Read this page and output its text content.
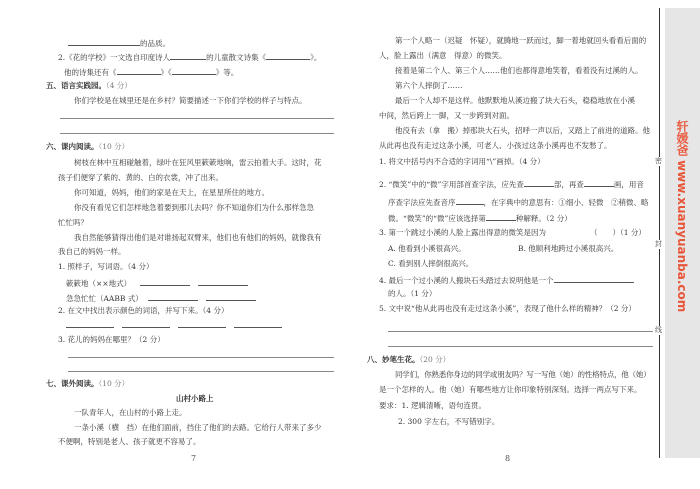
密
封
线
的品质。
2.《花的学校》一文选自印度诗人	的儿童散文诗集《	》。
他的诗集还有《	》《	》等。
五、语言实践园。（4 分）
你们学校是在城里还是在乡村？简要描述一下你们学校的样子与特点。
六、课内阅读。（10 分）
树枝在林中互相碰触着，绿叶在狂风里簌簌地响，雷云拍着大手。这时，花
孩子们便穿了紫的、黄的、白的衣裳，冲了出来。
你可知道，妈妈，他们的家是在天上，在星星所住的地方。
你没有看见它们怎样地急着要到那儿去吗？你不知道你们为什么那样急急
忙忙吗？
我自然能够猜得出他们是对谁扬起双臂来，他们也有他们的妈妈，就像我有
我自己的妈妈一样。
1. 照样子，写词语。（4 分）
簌簌地（××地式）
急急忙忙（AABB 式）
2. 在文中找出表示颜色的词语，并写下来。（4 分）
3. 花儿的妈妈在哪里？（2 分）
七、课外阅读。（10 分）
山村小路上
一队青年人，在山村的小路上走。
一条小溪（横　挡）在他们面前，挡住了他们的去路。它给行人带来了多少
不便啊，特别是老人、孩子就更不容易了。
7
第一个人略一（迟疑　怀疑），就腾地一跃而过，脚一着地就回头看看后面的
人，脸上露出（满意　得意）的微笑。
接着是第二个人、第三个人……他们也都得意地笑着，看着没有过溪的人。
第六个人摔倒了……
最后一个人却不是这样。他默默地从溪边搬了块大石头，稳稳地放在小溪
中间，然后跨上一脚，又一步跨到对面。
他没有去（拿　搬）掉那块大石头，招呼一声以后，又踏上了前进的道路。他
从此再也没有走过这条小溪，可老人、小孩过这条小溪再也不发愁了。
1. 将文中括号内不合适的字词用“\”画掉。（4 分）
2. “微笑”中的“微”字用部首查字法，应先查	部，再查	画，用音
序查字法应先查音序	，在字典中的意思有：①细小、轻微　②稍微、略
微。“微笑”的“微”应该选择第	种解释。（2 分）
3. 第一个跳过小溪的人脸上露出得意的微笑是因为	（　　）（1 分）
A. 他看到小溪很高兴。	B. 他顺利地跨过小溪很高兴。
C. 看到别人摔倒很高兴。
4. 最后一个过小溪的人搬块石头踏过去说明他是一个
的人。（1 分）
5. 文中说“他从此再也没有走过这条小溪”，表现了他什么样的精神？（2 分）
八、妙笔生花。（20 分）
同学们，你熟悉你身边的同学或朋友吗？写一写他（她）的性格特点，他（她）
是一个怎样的人。他（她）有哪些地方让你印象特别深刻。选择一两点写下来。
要求：1. 逻辑清晰，语句连贯。
2. 300 字左右，不写错别字。
8
轩媛爸 www.xuanyuanba.com
